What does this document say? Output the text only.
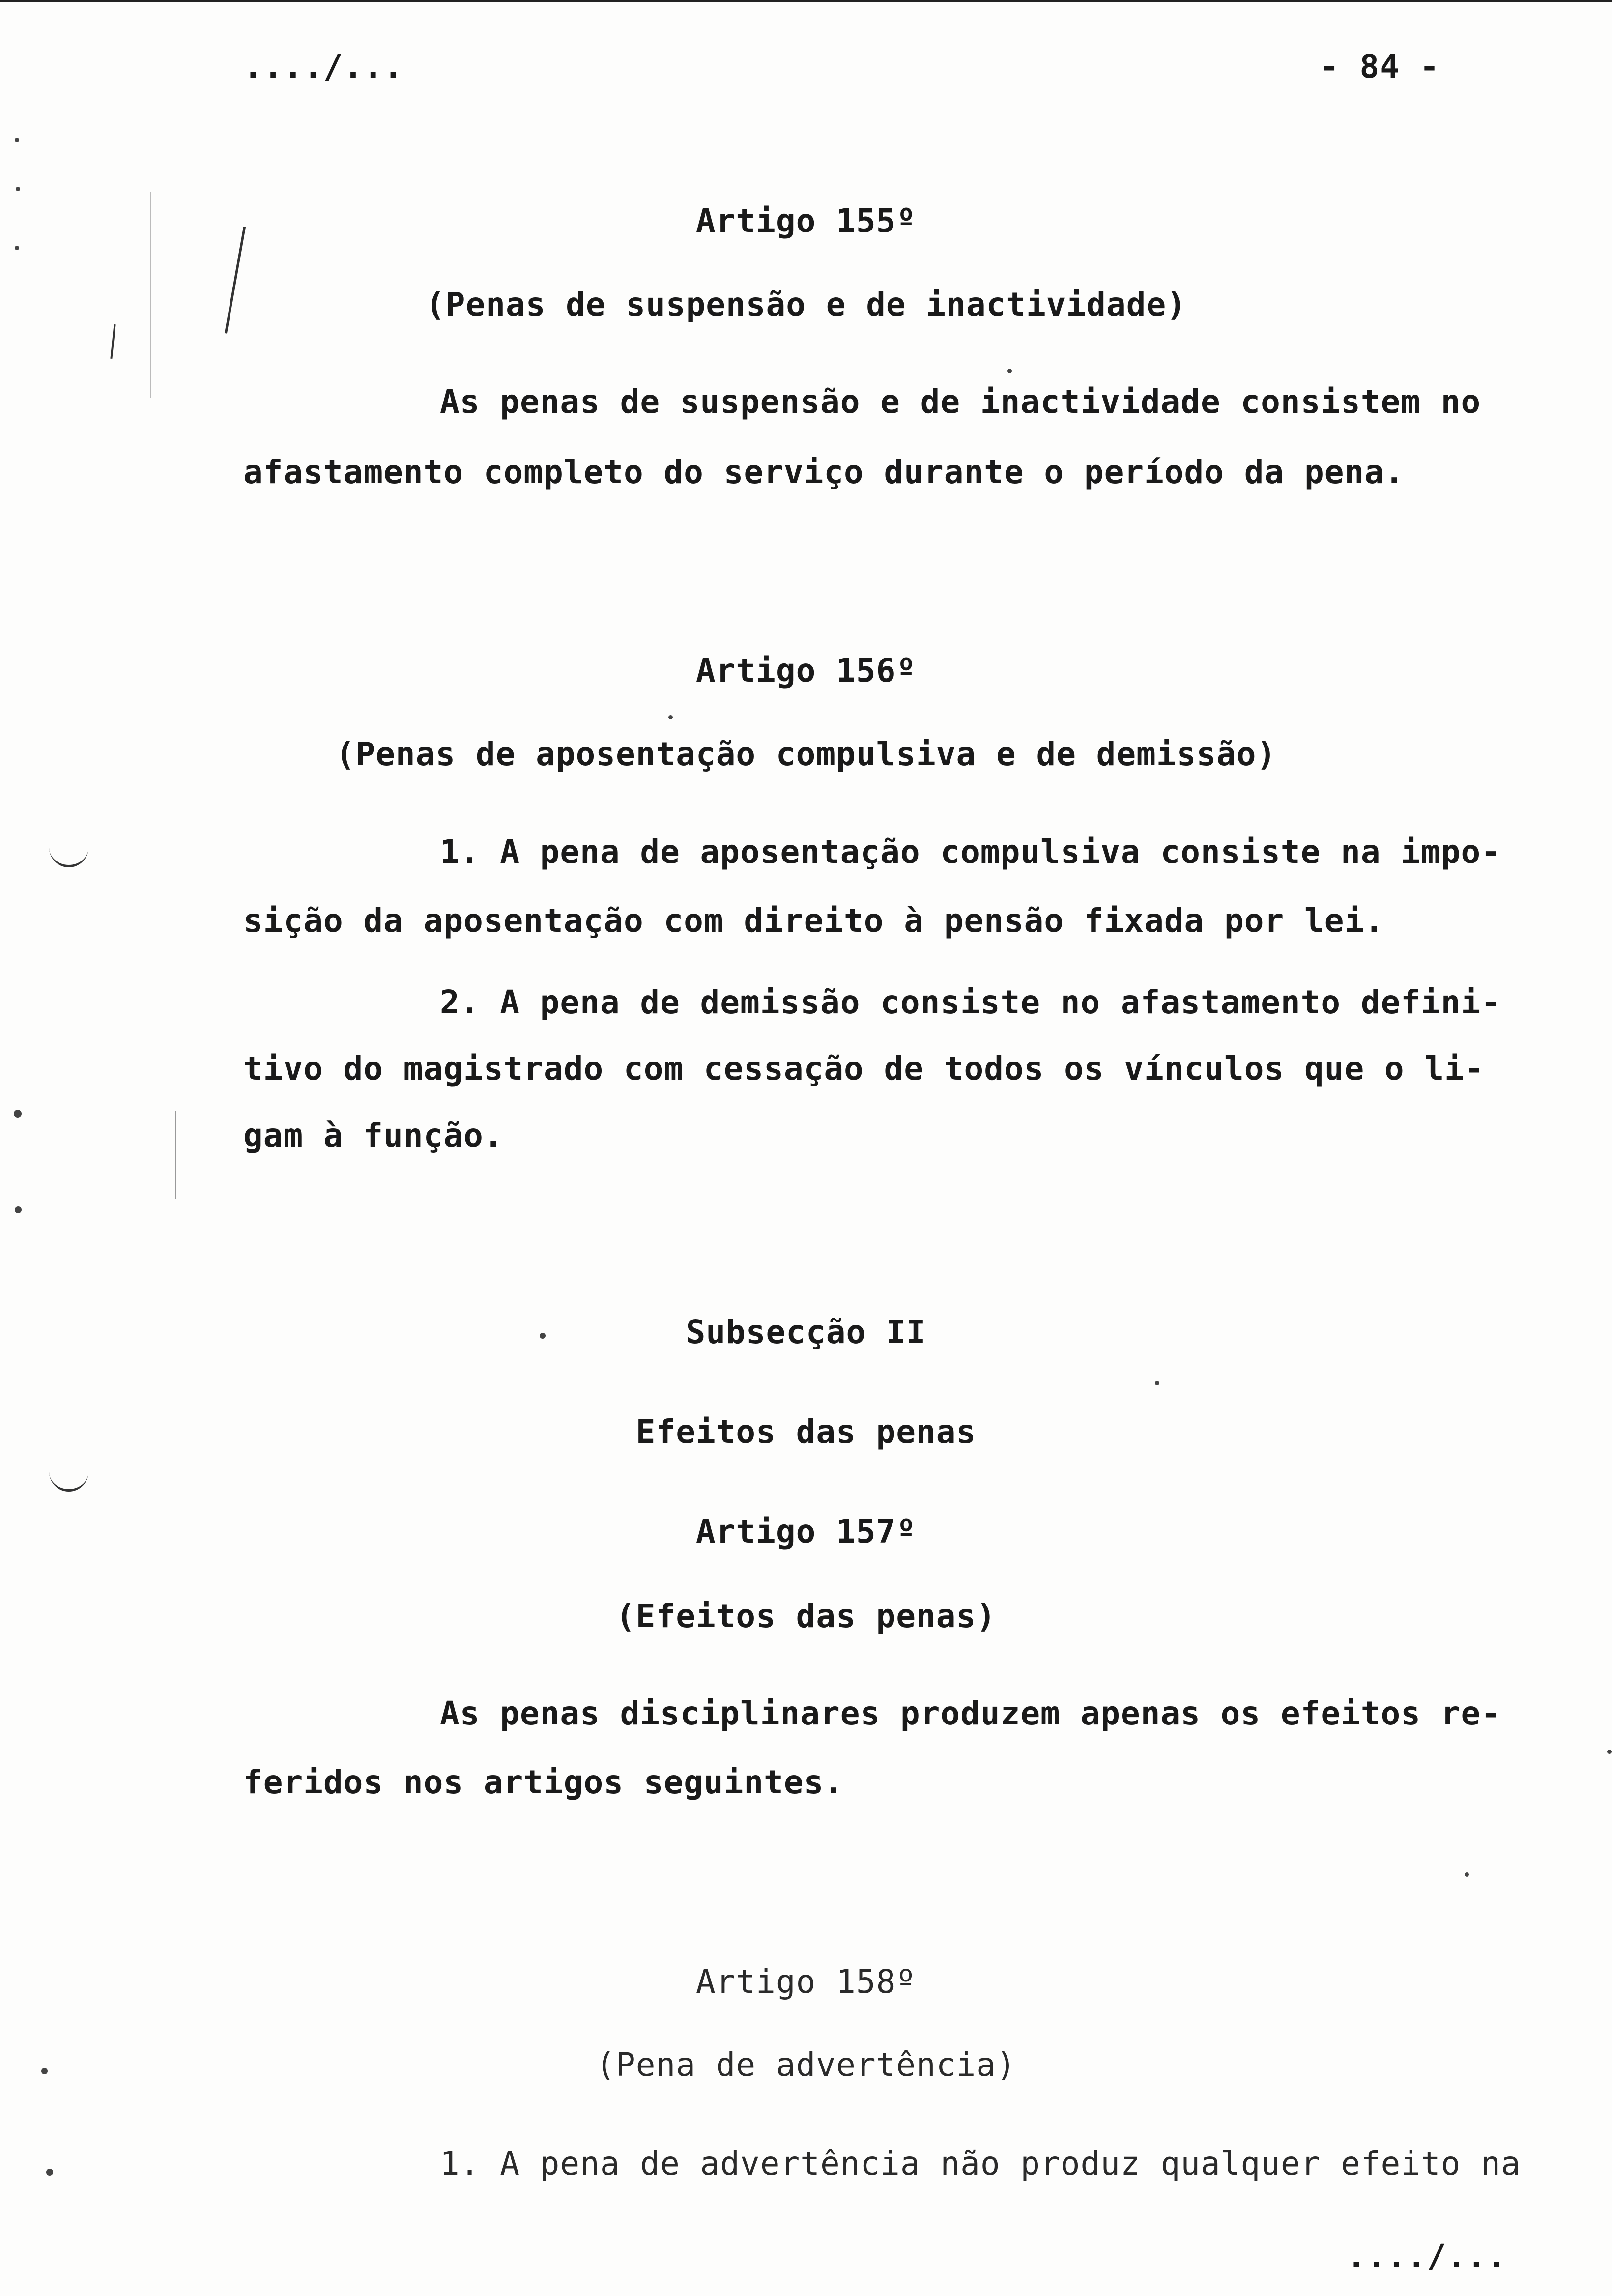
..../...	- 84 -
Artigo 155º
(Penas de suspensão e de inactividade)
As penas de suspensão e de inactividade consistem no
afastamento completo do serviço durante o período da pena.
Artigo 156º
(Penas de aposentação compulsiva e de demissão)
1. A pena de aposentação compulsiva consiste na impo-
sição da aposentação com direito à pensão fixada por lei.
2. A pena de demissão consiste no afastamento defini-
tivo do magistrado com cessação de todos os vínculos que o li-
gam à função.
Subsecção II
Efeitos das penas
Artigo 157º
(Efeitos das penas)
As penas disciplinares produzem apenas os efeitos re-
feridos nos artigos seguintes.
Artigo 158º
(Pena de advertência)
1. A pena de advertência não produz qualquer efeito na
..../...
